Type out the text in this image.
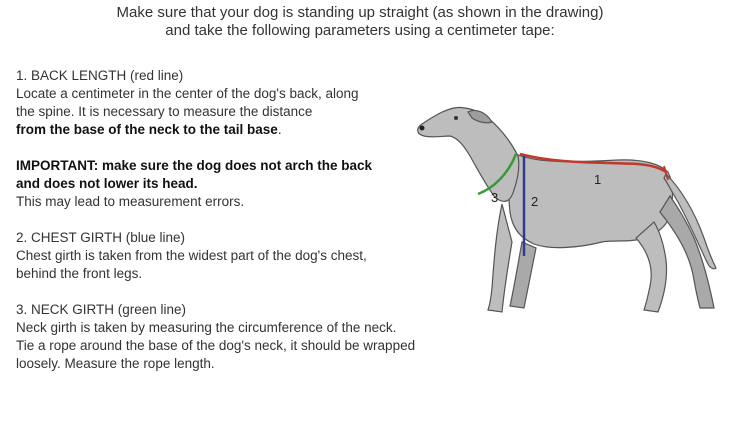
Make sure that your dog is standing up straight (as shown in the drawing)
and take the following parameters using a centimeter tape:
1. BACK LENGTH (red line)
Locate a centimeter in the center of the dog's back, along
the spine. It is necessary to measure the distance
from the base of the neck to the tail base.
IMPORTANT: make sure the dog does not arch the back
and does not lower its head.
This may lead to measurement errors.
2. CHEST GIRTH (blue line)
Chest girth is taken from the widest part of the dog's chest,
behind the front legs.
3. NECK GIRTH (green line)
Neck girth is taken by measuring the circumference of the neck.
Tie a rope around the base of the dog's neck, it should be wrapped
loosely. Measure the rope length.
1
2
3
